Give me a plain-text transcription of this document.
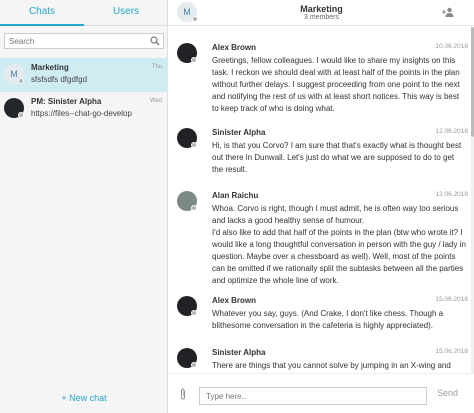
Chats	Users
Search
M
Marketing
sfsfsdfs dfgdfgd
Thu
PM: Sinister Alpha
https://files--chat-go-develop
Wed
+ New chat
M	Marketing
3 members
Alex Brown	10.06.2018
Greetings, fellow colleagues. I would like to share my insights on this task. I reckon we should deal with at least half of the points in the plan without further delays. I suggest proceeding from one point to the next and notifying the rest of us with at least short notices. This way is best to keep track of who is doing what.
Sinister Alpha	12.06.2018
Hi, is that you Corvo? I am sure that that's exactly what is thought best out there in Dunwall. Let's just do what we are supposed to do to get the result.
Alan Raichu	12.06.2018
Whoa. Corvo is right, though I must admit, he is often way too serious and lacks a good healthy sense of humour.
I'd also like to add that half of the points in the plan (btw who wrote it? I would like a long thoughtful conversation in person with the guy / lady in question. Maybe over a chessboard as well). Well, most of the points can be omitted if we rationally split the subtasks between all the parties and optimize the whole line of work.
Alex Brown	15.06.2018
Whatever you say, guys. (And Crake, I don't like chess. Though a blithesome conversation in the cafeteria is highly appreciated).
Sinister Alpha	15.06.2018
There are things that you cannot solve by jumping in an X-wing and
Type here..
Send
